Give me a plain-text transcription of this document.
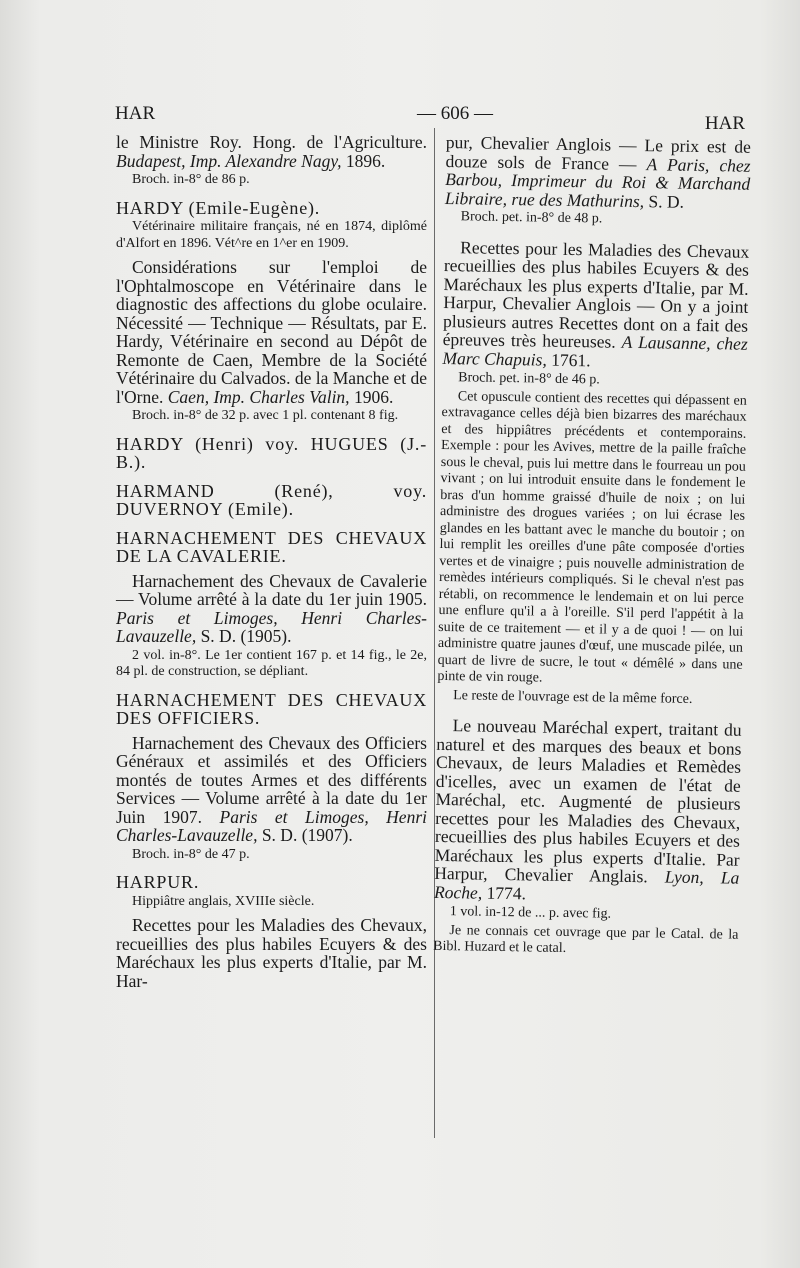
HAR	— 606 —	HAR

le Ministre Roy. Hong. de l'Agriculture. Budapest, Imp. Alexandre Nagy, 1896.

Broch. in-8° de 86 p.

HARDY (Emile-Eugène).

Vétérinaire militaire français, né en 1874, diplômé d'Alfort en 1896. Vét^re en 1^er en 1909.

Considérations sur l'emploi de l'Ophtalmoscope en Vétérinaire dans le diagnostic des affections du globe oculaire. Nécessité — Technique — Résultats, par E. Hardy, Vétérinaire en second au Dépôt de Remonte de Caen, Membre de la Société Vétérinaire du Calvados. de la Manche et de l'Orne. Caen, Imp. Charles Valin, 1906.

Broch. in-8° de 32 p. avec 1 pl. contenant 8 fig.

HARDY (Henri) voy. HUGUES (J.-B.).

HARMAND (René), voy. DUVERNOY (Emile).

HARNACHEMENT DES CHEVAUX DE LA CAVALERIE.

Harnachement des Chevaux de Cavalerie — Volume arrêté à la date du 1er juin 1905. Paris et Limoges, Henri Charles-Lavauzelle, S. D. (1905).

2 vol. in-8°. Le 1er contient 167 p. et 14 fig., le 2e, 84 pl. de construction, se dépliant.

HARNACHEMENT DES CHEVAUX DES OFFICIERS.

Harnachement des Chevaux des Officiers Généraux et assimilés et des Officiers montés de toutes Armes et des différents Services — Volume arrêté à la date du 1er Juin 1907. Paris et Limoges, Henri Charles-Lavauzelle, S. D. (1907).

Broch. in-8° de 47 p.

HARPUR.

Hippiâtre anglais, XVIIIe siècle.

Recettes pour les Maladies des Chevaux, recueillies des plus habiles Ecuyers & des Maréchaux les plus experts d'Italie, par M. Har-

pur, Chevalier Anglois — Le prix est de douze sols de France — A Paris, chez Barbou, Imprimeur du Roi & Marchand Libraire, rue des Mathurins, S. D.

Broch. pet. in-8° de 48 p.

Recettes pour les Maladies des Chevaux recueillies des plus habiles Ecuyers & des Maréchaux les plus experts d'Italie, par M. Harpur, Chevalier Anglois — On y a joint plusieurs autres Recettes dont on a fait des épreuves très heureuses. A Lausanne, chez Marc Chapuis, 1761.

Broch. pet. in-8° de 46 p.

Cet opuscule contient des recettes qui dépassent en extravagance celles déjà bien bizarres des maréchaux et des hippiâtres précédents et contemporains. Exemple : pour les Avives, mettre de la paille fraîche sous le cheval, puis lui mettre dans le fourreau un pou vivant ; on lui introduit ensuite dans le fondement le bras d'un homme graissé d'huile de noix ; on lui administre des drogues variées ; on lui écrase les glandes en les battant avec le manche du boutoir ; on lui remplit les oreilles d'une pâte composée d'orties vertes et de vinaigre ; puis nouvelle administration de remèdes intérieurs compliqués. Si le cheval n'est pas rétabli, on recommence le lendemain et on lui perce une enflure qu'il a à l'oreille. S'il perd l'appétit à la suite de ce traitement — et il y a de quoi ! — on lui administre quatre jaunes d'œuf, une muscade pilée, un quart de livre de sucre, le tout « démêlé » dans une pinte de vin rouge.

Le reste de l'ouvrage est de la même force.

Le nouveau Maréchal expert, traitant du naturel et des marques des beaux et bons Chevaux, de leurs Maladies et Remèdes d'icelles, avec un examen de l'état de Maréchal, etc. Augmenté de plusieurs recettes pour les Maladies des Chevaux, recueillies des plus habiles Ecuyers et des Maréchaux les plus experts d'Italie. Par Harpur, Chevalier Anglais. Lyon, La Roche, 1774.

1 vol. in-12 de ... p. avec fig.

Je ne connais cet ouvrage que par le Catal. de la Bibl. Huzard et le catal.
